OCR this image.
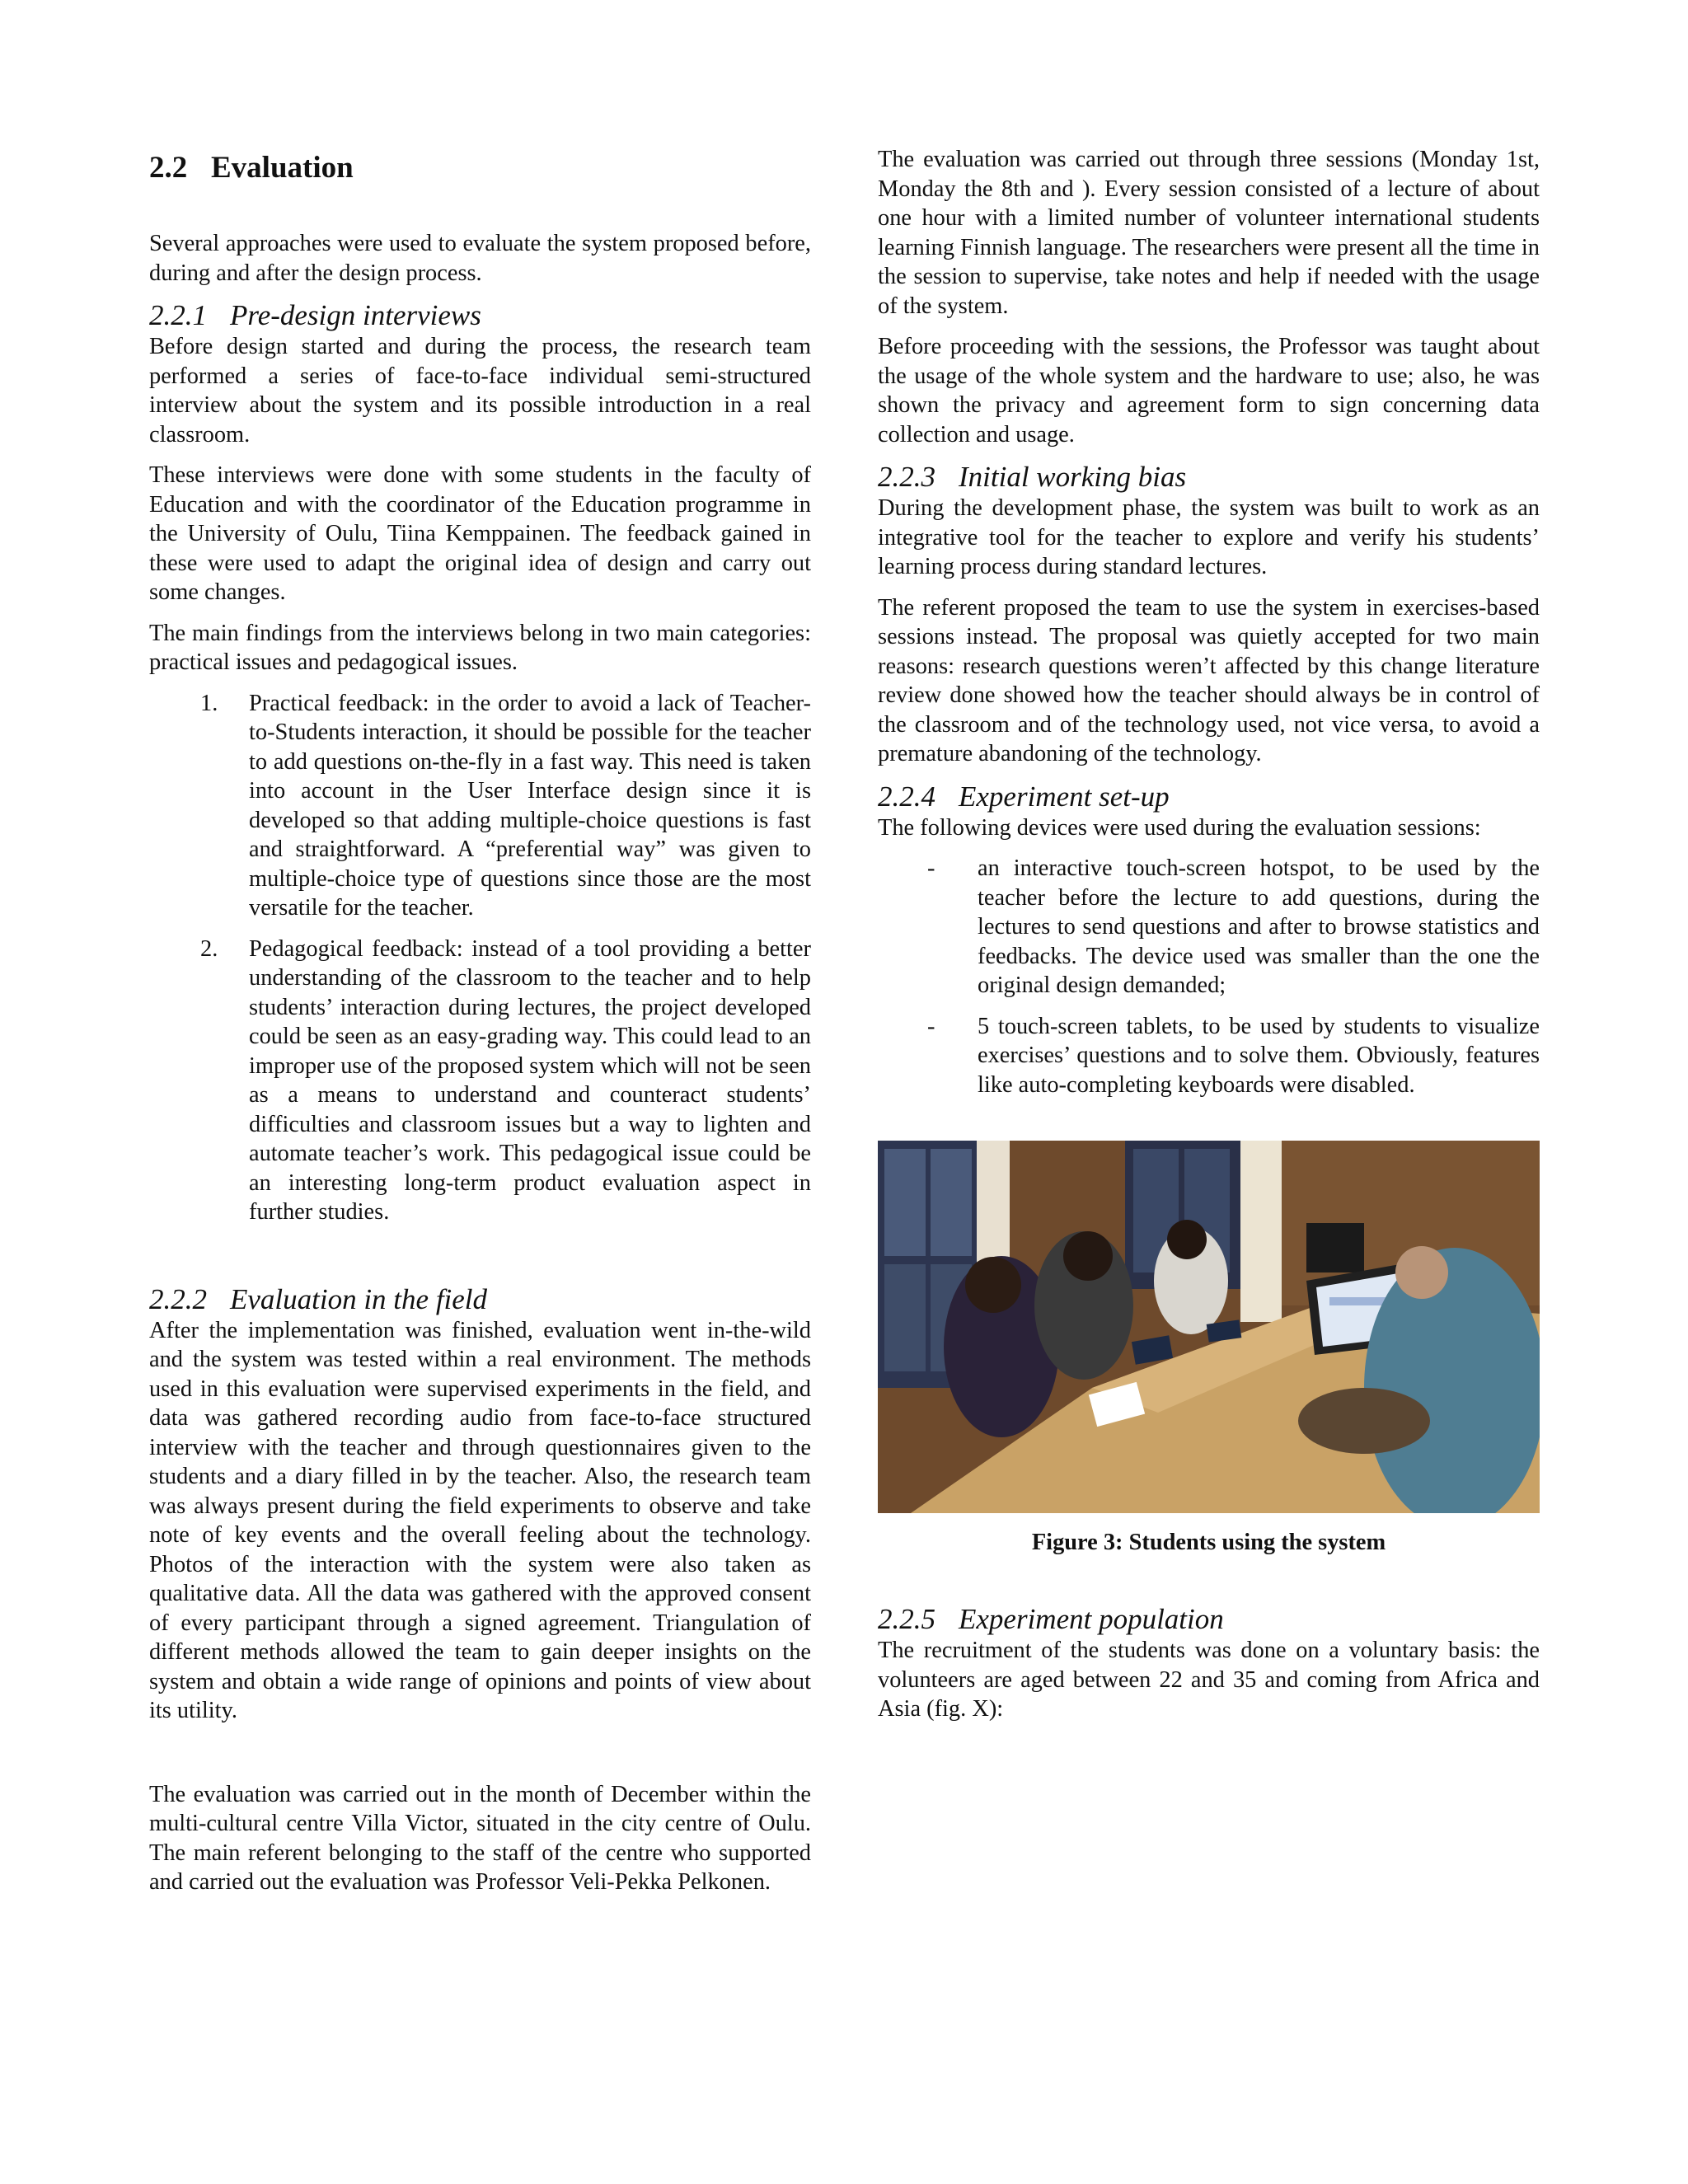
2.2 Evaluation

Several approaches were used to evaluate the system proposed before, during and after the design process.

2.2.1 Pre-design interviews

Before design started and during the process, the research team performed a series of face-to-face individual semi-structured interview about the system and its possible introduction in a real classroom.

These interviews were done with some students in the faculty of Education and with the coordinator of the Education programme in the University of Oulu, Tiina Kemppainen. The feedback gained in these were used to adapt the original idea of design and carry out some changes.

The main findings from the interviews belong in two main categories: practical issues and pedagogical issues.

1. Practical feedback: in the order to avoid a lack of Teacher-to-Students interaction, it should be possible for the teacher to add questions on-the-fly in a fast way. This need is taken into account in the User Interface design since it is developed so that adding multiple-choice questions is fast and straightforward. A “preferential way” was given to multiple-choice type of questions since those are the most versatile for the teacher.

2. Pedagogical feedback: instead of a tool providing a better understanding of the classroom to the teacher and to help students’ interaction during lectures, the project developed could be seen as an easy-grading way. This could lead to an improper use of the proposed system which will not be seen as a means to understand and counteract students’ difficulties and classroom issues but a way to lighten and automate teacher’s work. This pedagogical issue could be an interesting long-term product evaluation aspect in further studies.

2.2.2 Evaluation in the field

After the implementation was finished, evaluation went in-the-wild and the system was tested within a real environment. The methods used in this evaluation were supervised experiments in the field, and data was gathered recording audio from face-to-face structured interview with the teacher and through questionnaires given to the students and a diary filled in by the teacher. Also, the research team was always present during the field experiments to observe and take note of key events and the overall feeling about the technology. Photos of the interaction with the system were also taken as qualitative data. All the data was gathered with the approved consent of every participant through a signed agreement. Triangulation of different methods allowed the team to gain deeper insights on the system and obtain a wide range of opinions and points of view about its utility.

The evaluation was carried out in the month of December within the multi-cultural centre Villa Victor, situated in the city centre of Oulu. The main referent belonging to the staff of the centre who supported and carried out the evaluation was Professor Veli-Pekka Pelkonen.

The evaluation was carried out through three sessions (Monday 1st, Monday the 8th and ). Every session consisted of a lecture of about one hour with a limited number of volunteer international students learning Finnish language. The researchers were present all the time in the session to supervise, take notes and help if needed with the usage of the system.

Before proceeding with the sessions, the Professor was taught about the usage of the whole system and the hardware to use; also, he was shown the privacy and agreement form to sign concerning data collection and usage.

2.2.3 Initial working bias

During the development phase, the system was built to work as an integrative tool for the teacher to explore and verify his students’ learning process during standard lectures.

The referent proposed the team to use the system in exercises-based sessions instead. The proposal was quietly accepted for two main reasons: research questions weren’t affected by this change literature review done showed how the teacher should always be in control of the classroom and of the technology used, not vice versa, to avoid a premature abandoning of the technology.

2.2.4 Experiment set-up

The following devices were used during the evaluation sessions:

- an interactive touch-screen hotspot, to be used by the teacher before the lecture to add questions, during the lectures to send questions and after to browse statistics and feedbacks. The device used was smaller than the one the original design demanded;

- 5 touch-screen tablets, to be used by students to visualize exercises’ questions and to solve them. Obviously, features like auto-completing keyboards were disabled.

Figure 3: Students using the system
2.2.5 Experiment population

The recruitment of the students was done on a voluntary basis: the volunteers are aged between 22 and 35 and coming from Africa and Asia (fig. X):
